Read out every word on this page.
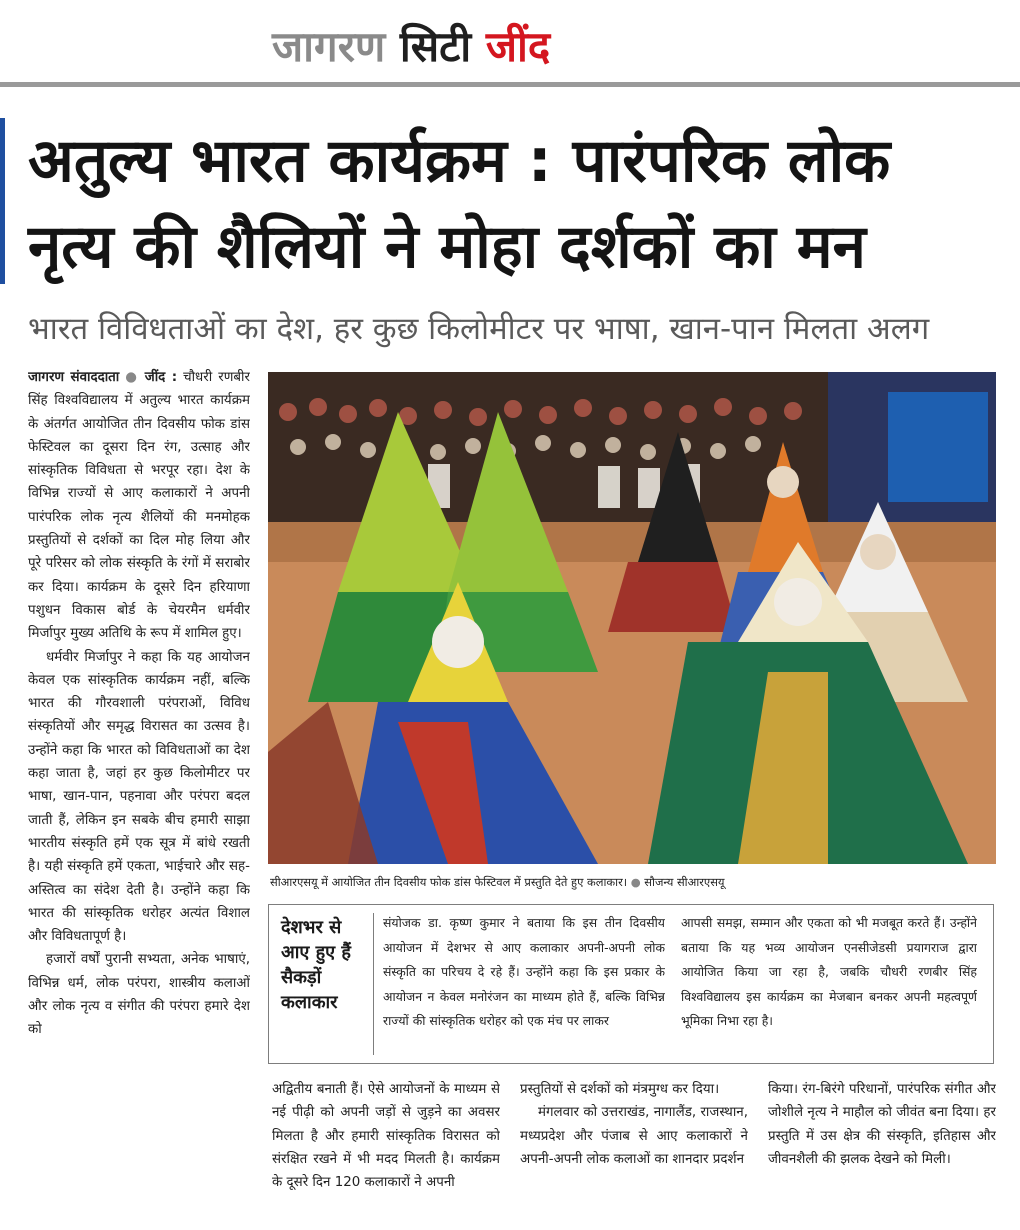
जागरण सिटी जींद
अतुल्य भारत कार्यक्रम : पारंपरिक लोक
नृत्य की शैलियों ने मोहा दर्शकों का मन
भारत विविधताओं का देश, हर कुछ किलोमीटर पर भाषा, खान-पान मिलता अलग

जागरण संवाददाता ● जींद : चौधरी रणबीर सिंह विश्वविद्यालय में अतुल्य भारत कार्यक्रम के अंतर्गत आयोजित तीन दिवसीय फोक डांस फेस्टिवल का दूसरा दिन रंग, उत्साह और सांस्कृतिक विविधता से भरपूर रहा। देश के विभिन्न राज्यों से आए कलाकारों ने अपनी पारंपरिक लोक नृत्य शैलियों की मनमोहक प्रस्तुतियों से दर्शकों का दिल मोह लिया और पूरे परिसर को लोक संस्कृति के रंगों में सराबोर कर दिया। कार्यक्रम के दूसरे दिन हरियाणा पशुधन विकास बोर्ड के चेयरमैन धर्मवीर मिर्जापुर मुख्य अतिथि के रूप में शामिल हुए।

धर्मवीर मिर्जापुर ने कहा कि यह आयोजन केवल एक सांस्कृतिक कार्यक्रम नहीं, बल्कि भारत की गौरवशाली परंपराओं, विविध संस्कृतियों और समृद्ध विरासत का उत्सव है। उन्होंने कहा कि भारत को विविधताओं का देश कहा जाता है, जहां हर कुछ किलोमीटर पर भाषा, खान-पान, पहनावा और परंपरा बदल जाती हैं, लेकिन इन सबके बीच हमारी साझा भारतीय संस्कृति हमें एक सूत्र में बांधे रखती है। यही संस्कृति हमें एकता, भाईचारे और सह-अस्तित्व का संदेश देती है। उन्होंने कहा कि भारत की सांस्कृतिक धरोहर अत्यंत विशाल और विविधतापूर्ण है।

हजारों वर्षों पुरानी सभ्यता, अनेक भाषाएं, विभिन्न धर्म, लोक परंपरा, शास्त्रीय कलाओं और लोक नृत्य व संगीत की परंपरा हमारे देश को

सीआरएसयू में आयोजित तीन दिवसीय फोक डांस फेस्टिवल में प्रस्तुति देते हुए कलाकार। ● सौजन्य सीआरएसयू
देशभर से आए हुए हैं सैकड़ों कलाकार
संयोजक डा. कृष्ण कुमार ने बताया कि इस तीन दिवसीय आयोजन में देशभर से आए कलाकार अपनी-अपनी लोक संस्कृति का परिचय दे रहे हैं। उन्होंने कहा कि इस प्रकार के आयोजन न केवल मनोरंजन का माध्यम होते हैं, बल्कि विभिन्न राज्यों की सांस्कृतिक धरोहर को एक मंच पर लाकर
आपसी समझ, सम्मान और एकता को भी मजबूत करते हैं। उन्होंने बताया कि यह भव्य आयोजन एनसीजेडसी प्रयागराज द्वारा आयोजित किया जा रहा है, जबकि चौधरी रणबीर सिंह विश्वविद्यालय इस कार्यक्रम का मेजबान बनकर अपनी महत्वपूर्ण भूमिका निभा रहा है।

अद्वितीय बनाती हैं। ऐसे आयोजनों के माध्यम से नई पीढ़ी को अपनी जड़ों से जुड़ने का अवसर मिलता है और हमारी सांस्कृतिक विरासत को संरक्षित रखने में भी मदद मिलती है। कार्यक्रम के दूसरे दिन 120 कलाकारों ने अपनी

प्रस्तुतियों से दर्शकों को मंत्रमुग्ध कर दिया।

मंगलवार को उत्तराखंड, नागालैंड, राजस्थान, मध्यप्रदेश और पंजाब से आए कलाकारों ने अपनी-अपनी लोक कलाओं का शानदार प्रदर्शन

किया। रंग-बिरंगे परिधानों, पारंपरिक संगीत और जोशीले नृत्य ने माहौल को जीवंत बना दिया। हर प्रस्तुति में उस क्षेत्र की संस्कृति, इतिहास और जीवनशैली की झलक देखने को मिली।
